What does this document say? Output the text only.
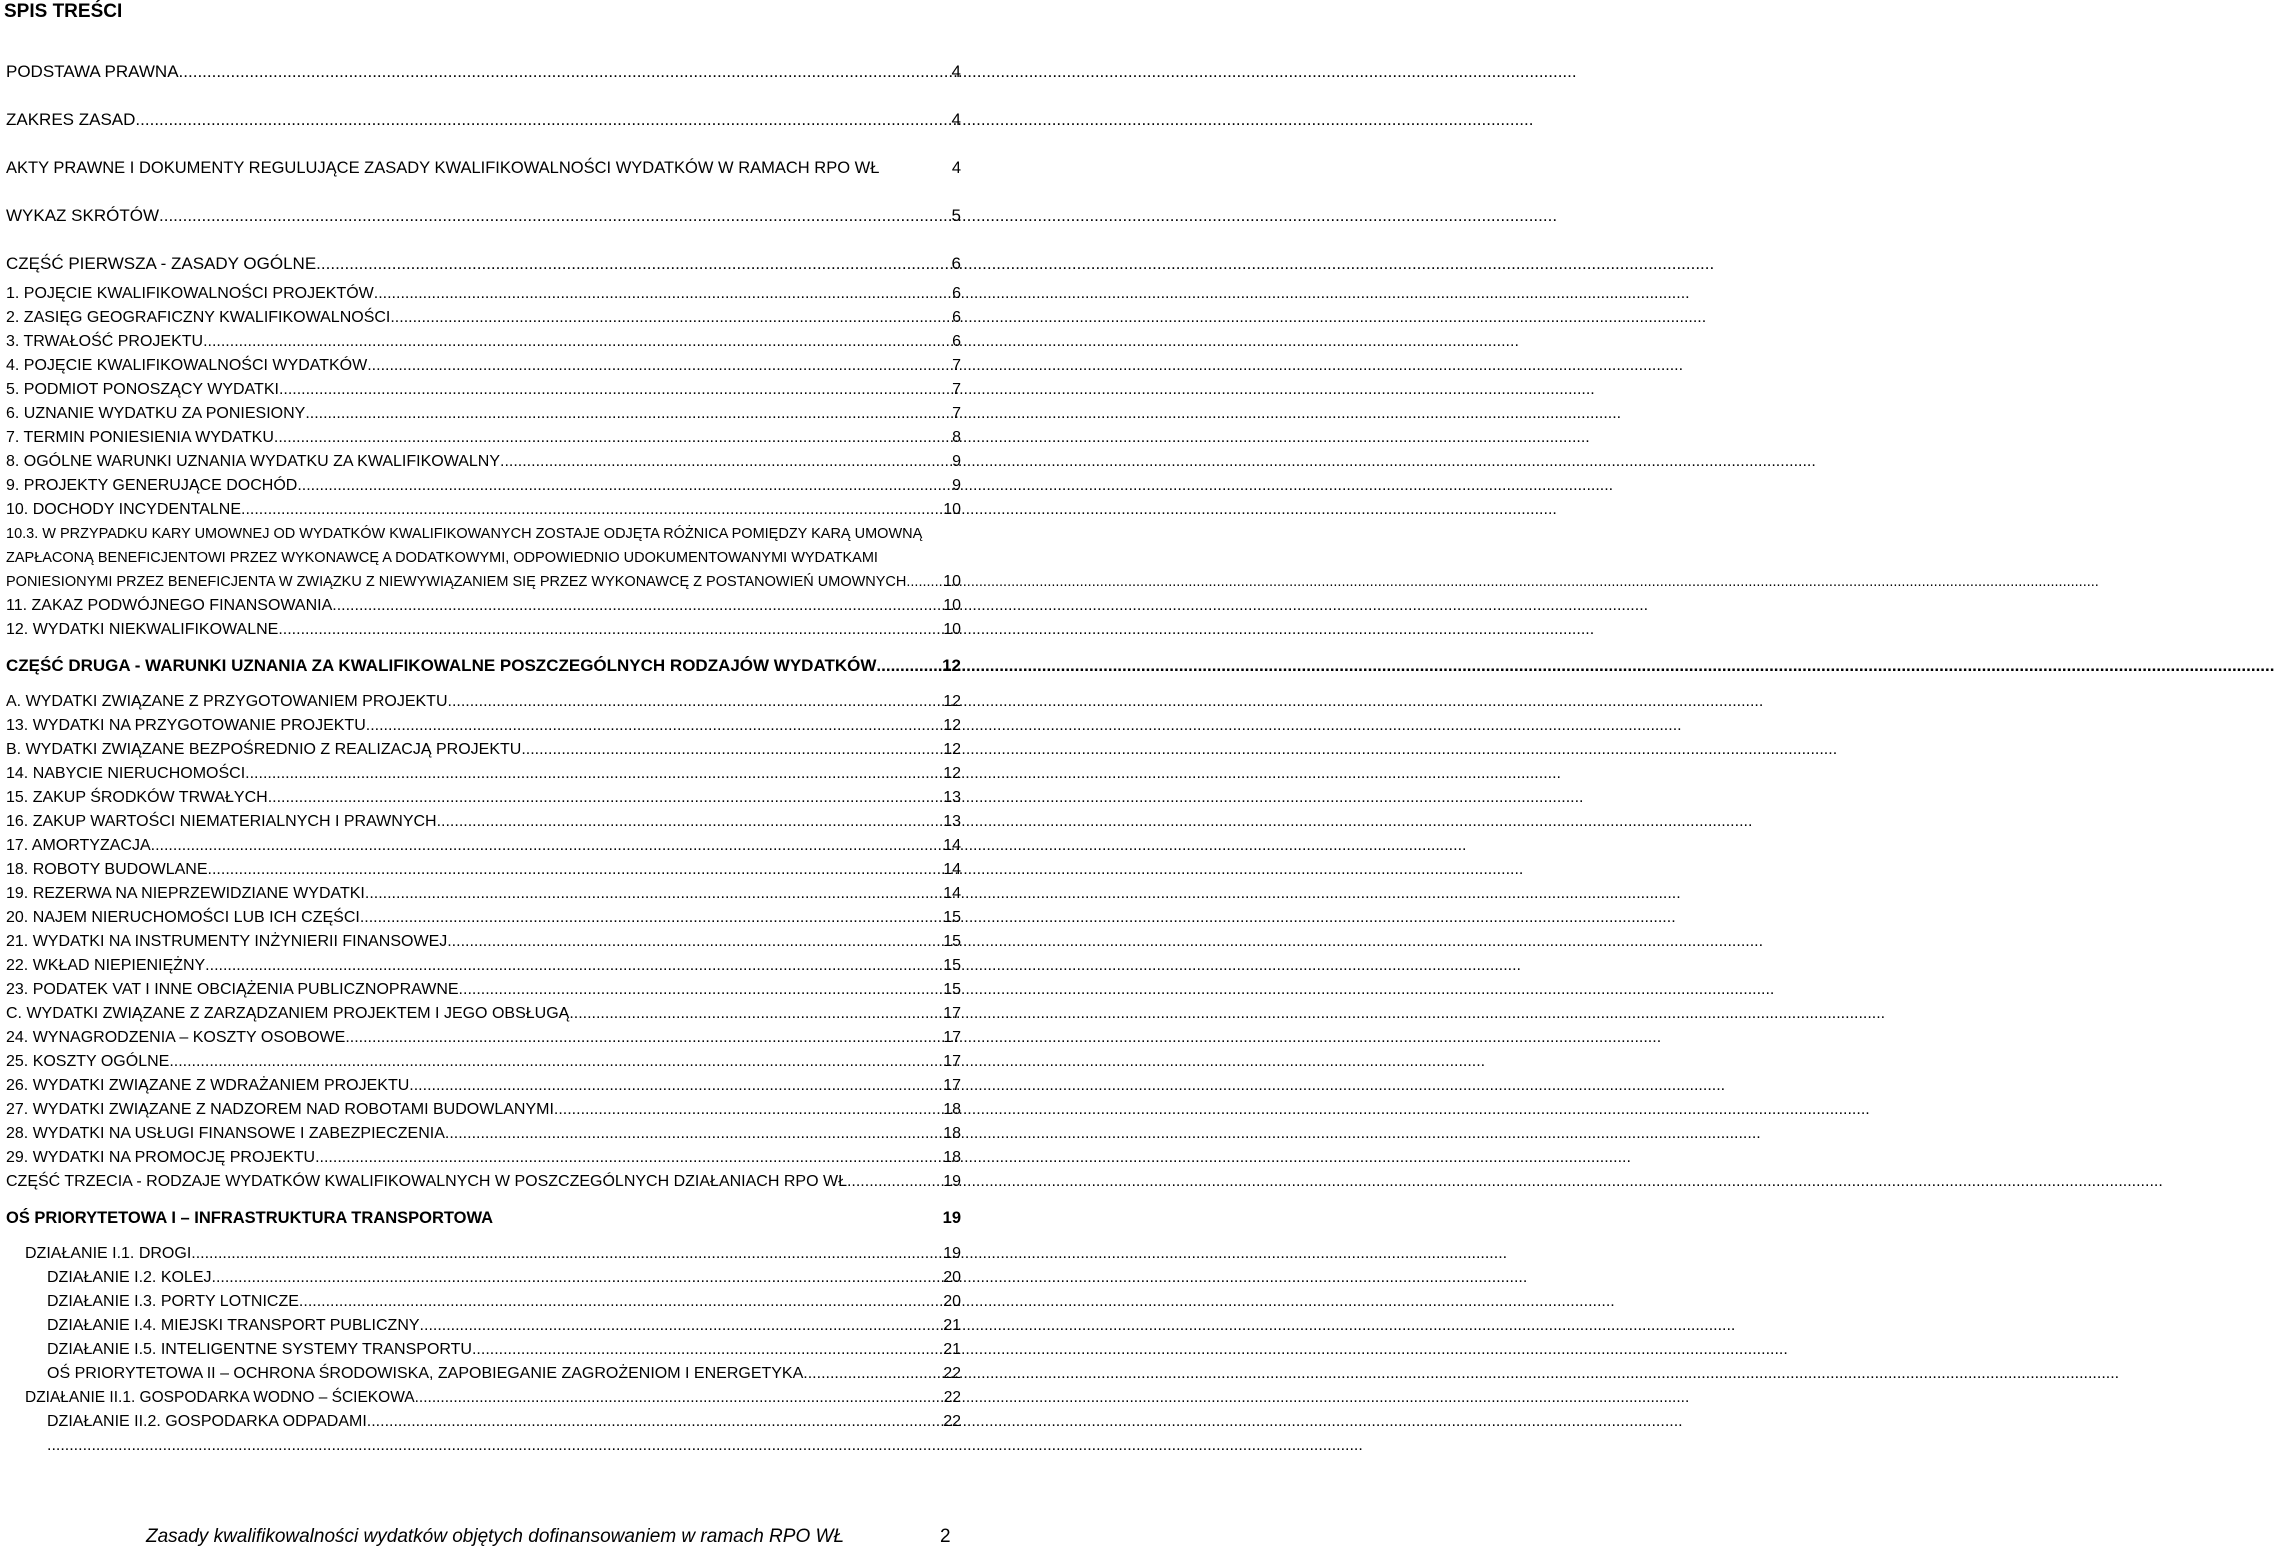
SPIS TREŚCI
PODSTAWA PRAWNA .....	4
ZAKRES ZASAD .....	4
AKTY PRAWNE I DOKUMENTY REGULUJĄCE ZASADY KWALIFIKOWALNOŚCI WYDATKÓW W RAMACH RPO WŁ	4
WYKAZ SKRÓTÓW .....	5
CZĘŚĆ PIERWSZA - ZASADY OGÓLNE .....	6
1. POJĘCIE KWALIFIKOWALNOŚCI PROJEKTÓW .....	6
2. ZASIĘG GEOGRAFICZNY KWALIFIKOWALNOŚCI .....	6
3. TRWAŁOŚĆ PROJEKTU .....	6
4. POJĘCIE KWALIFIKOWALNOŚCI WYDATKÓW .....	7
5. PODMIOT PONOSZĄCY WYDATKI .....	7
6. UZNANIE WYDATKU ZA PONIESIONY .....	7
7. TERMIN PONIESIENIA WYDATKU .....	8
8. OGÓLNE WARUNKI UZNANIA WYDATKU ZA KWALIFIKOWALNY .....	9
9. PROJEKTY GENERUJĄCE DOCHÓD .....	9
10. DOCHODY INCYDENTALNE .....	10
10.3. W PRZYPADKU KARY UMOWNEJ OD WYDATKÓW KWALIFIKOWANYCH ZOSTAJE ODJĘTA RÓŻNICA POMIĘDZY KARĄ UMOWNĄ
ZAPŁACONĄ BENEFICJENTOWI PRZEZ WYKONAWCĘ A DODATKOWYMI, ODPOWIEDNIO UDOKUMENTOWANYMI WYDATKAMI
PONIESIONYMI PRZEZ BENEFICJENTA W ZWIĄZKU Z NIEWYWIĄZANIEM SIĘ PRZEZ WYKONAWCĘ Z POSTANOWIEŃ UMOWNYCH ..... 10
11. ZAKAZ PODWÓJNEGO FINANSOWANIA .....	10
12. WYDATKI NIEKWALIFIKOWALNE .....	10
CZĘŚĆ DRUGA - WARUNKI UZNANIA ZA KWALIFIKOWALNE POSZCZEGÓLNYCH RODZAJÓW WYDATKÓW .....	12
A. WYDATKI ZWIĄZANE Z PRZYGOTOWANIEM PROJEKTU .....	12
13. WYDATKI NA PRZYGOTOWANIE PROJEKTU .....	12
B. WYDATKI ZWIĄZANE BEZPOŚREDNIO Z REALIZACJĄ PROJEKTU .....	12
14. NABYCIE NIERUCHOMOŚCI .....	12
15. ZAKUP ŚRODKÓW TRWAŁYCH .....	13
16. ZAKUP WARTOŚCI NIEMATERIALNYCH I PRAWNYCH .....	13
17. AMORTYZACJA .....	14
18. ROBOTY BUDOWLANE .....	14
19. REZERWA NA NIEPRZEWIDZIANE WYDATKI .....	14
20. NAJEM NIERUCHOMOŚCI LUB ICH CZĘŚCI .....	15
21. WYDATKI NA INSTRUMENTY INŻYNIERII FINANSOWEJ .....	15
22. WKŁAD NIEPIENIĘŻNY .....	15
23. PODATEK VAT I INNE OBCIĄŻENIA PUBLICZNOPRAWNE .....	15
C. WYDATKI ZWIĄZANE Z ZARZĄDZANIEM PROJEKTEM I JEGO OBSŁUGĄ .....	17
24. WYNAGRODZENIA – KOSZTY OSOBOWE .....	17
25. KOSZTY OGÓLNE .....	17
26. WYDATKI ZWIĄZANE Z WDRAŻANIEM PROJEKTU .....	17
27. WYDATKI ZWIĄZANE Z NADZOREM NAD ROBOTAMI BUDOWLANYMI .....	18
28. WYDATKI NA USŁUGI FINANSOWE I ZABEZPIECZENIA .....	18
29. WYDATKI NA PROMOCJĘ PROJEKTU .....	18
CZĘŚĆ TRZECIA - RODZAJE WYDATKÓW KWALIFIKOWALNYCH W POSZCZEGÓLNYCH DZIAŁANIACH RPO WŁ .....	19
OŚ PRIORYTETOWA I – INFRASTRUKTURA TRANSPORTOWA	19
DZIAŁANIE I.1. DROGI .....	19
DZIAŁANIE I.2. KOLEJ .....	20
DZIAŁANIE I.3. PORTY LOTNICZE .....	20
DZIAŁANIE I.4. MIEJSKI TRANSPORT PUBLICZNY .....	21
DZIAŁANIE I.5. INTELIGENTNE SYSTEMY TRANSPORTU .....	21
OŚ PRIORYTETOWA II – OCHRONA ŚRODOWISKA, ZAPOBIEGANIE ZAGROŻENIOM I ENERGETYKA .....	22
DZIAŁANIE II.1. GOSPODARKA WODNO – ŚCIEKOWA .....	22
DZIAŁANIE II.2. GOSPODARKA ODPADAMI .....	22
.....
Zasady kwalifikowalności wydatków objętych dofinansowaniem w ramach RPO WŁ	2
